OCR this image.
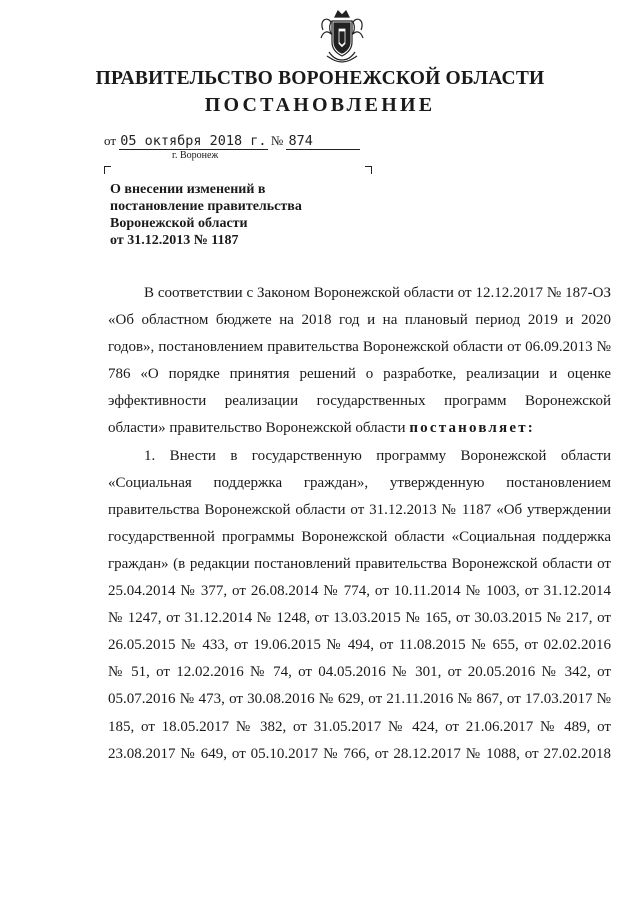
ПРАВИТЕЛЬСТВО ВОРОНЕЖСКОЙ ОБЛАСТИ
ПОСТАНОВЛЕНИЕ
от 05 октября 2018 г. № 874
г. Воронеж
О внесении изменений в
постановление правительства
Воронежской области
от 31.12.2013 № 1187

В соответствии с Законом Воронежской области от 12.12.2017 № 187-ОЗ

«Об областном бюджете на 2018 год и на плановый период 2019 и 2020

годов», постановлением правительства Воронежской области от 06.09.2013 №

786 «О порядке принятия решений о разработке, реализации и оценке

эффективности реализации государственных программ Воронежской

области» правительство Воронежской области постановляет:

1. Внести в государственную программу Воронежской области

«Социальная поддержка граждан», утвержденную постановлением

правительства Воронежской области от 31.12.2013 № 1187 «Об утверждении

государственной программы Воронежской области «Социальная поддержка

граждан» (в редакции постановлений правительства Воронежской области от

25.04.2014 № 377, от 26.08.2014 № 774, от 10.11.2014 № 1003, от 31.12.2014

№ 1247, от 31.12.2014 № 1248, от 13.03.2015 № 165, от 30.03.2015 № 217, от

26.05.2015 № 433, от 19.06.2015 № 494, от 11.08.2015 № 655, от 02.02.2016

№ 51, от 12.02.2016 № 74, от 04.05.2016 № 301, от 20.05.2016 № 342, от

05.07.2016 № 473, от 30.08.2016 № 629, от 21.11.2016 № 867, от 17.03.2017 №

185, от 18.05.2017 № 382, от 31.05.2017 № 424, от 21.06.2017 № 489, от

23.08.2017 № 649, от 05.10.2017 № 766, от 28.12.2017 № 1088, от 27.02.2018
